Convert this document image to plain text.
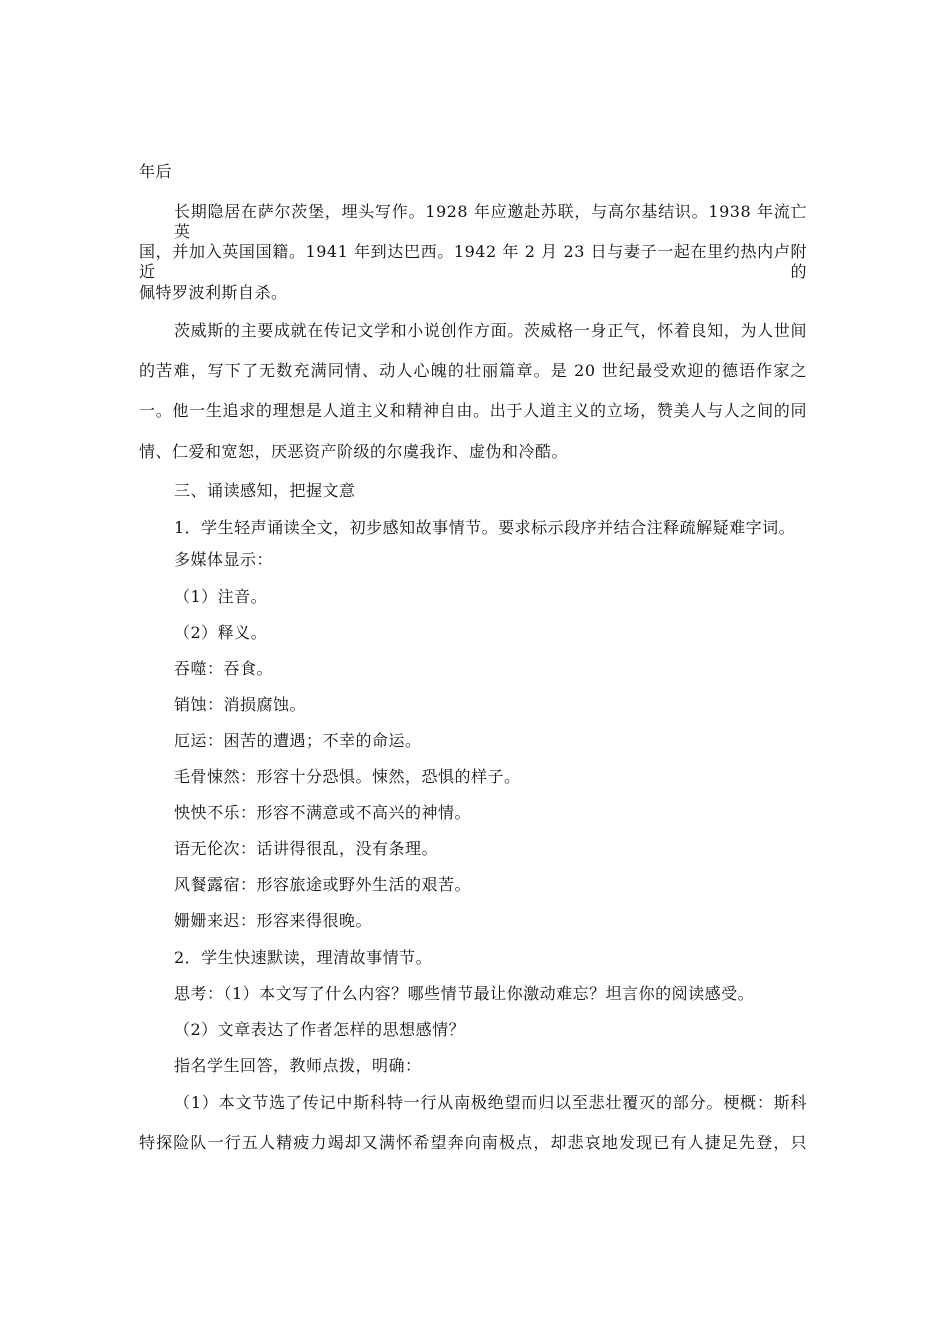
年后
长期隐居在萨尔茨堡，埋头写作。1928 年应邀赴苏联，与高尔基结识。1938 年流亡英
国，并加入英国国籍。1941 年到达巴西。1942 年 2 月 23 日与妻子一起在里约热内卢附近的
佩特罗波利斯自杀。
茨威斯的主要成就在传记文学和小说创作方面。茨威格一身正气，怀着良知，为人世间
的苦难，写下了无数充满同情、动人心魄的壮丽篇章。是 20 世纪最受欢迎的德语作家之
一。他一生追求的理想是人道主义和精神自由。出于人道主义的立场，赞美人与人之间的同
情、仁爱和宽恕，厌恶资产阶级的尔虞我诈、虚伪和冷酷。
三、诵读感知，把握文意
1．学生轻声诵读全文，初步感知故事情节。要求标示段序并结合注释疏解疑难字词。
多媒体显示：
（1）注音。
（2）释义。
吞噬：吞食。
销蚀：消损腐蚀。
厄运：困苦的遭遇；不幸的命运。
毛骨悚然：形容十分恐惧。悚然，恐惧的样子。
怏怏不乐：形容不满意或不高兴的神情。
语无伦次：话讲得很乱，没有条理。
风餐露宿：形容旅途或野外生活的艰苦。
姗姗来迟：形容来得很晚。
2．学生快速默读，理清故事情节。
思考：（1）本文写了什么内容？哪些情节最让你激动难忘？坦言你的阅读感受。
（2）文章表达了作者怎样的思想感情？
指名学生回答，教师点拨，明确：
（1）本文节选了传记中斯科特一行从南极绝望而归以至悲壮覆灭的部分。梗概：斯科
特探险队一行五人精疲力竭却又满怀希望奔向南极点，却悲哀地发现已有人捷足先登，只
